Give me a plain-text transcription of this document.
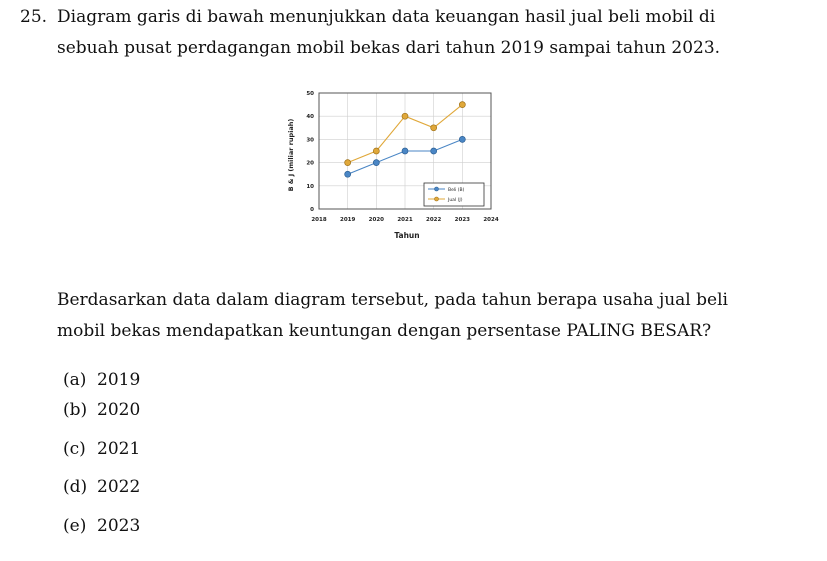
25. Diagram garis di bawah menunjukkan data keuangan hasil jual beli mobil di
sebuah pusat perdagangan mobil bekas dari tahun 2019 sampai tahun 2023.
0
10
20
30
40
50
2018 2019 2020 2021 2022 2023 2024
B & J (miliar rupiah)
Tahun
Beli (B)
Jual (J)
Berdasarkan data dalam diagram tersebut, pada tahun berapa usaha jual beli
mobil bekas mendapatkan keuntungan dengan persentase PALING BESAR?
(a) 2019
(b) 2020
(c) 2021
(d) 2022
(e) 2023
